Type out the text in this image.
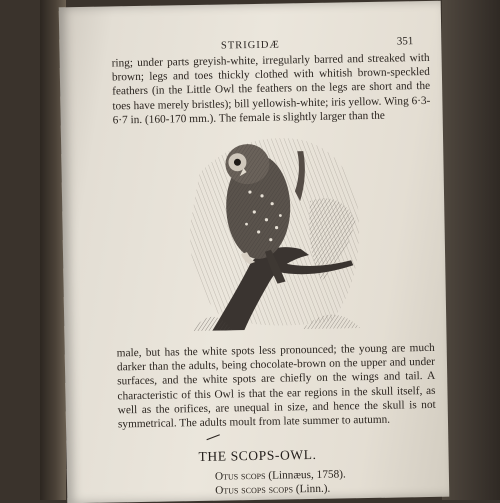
STRIGIDÆ	351

ring; under parts greyish-white, irregularly barred and streaked with brown; legs and toes thickly clothed with whitish brown-speckled feathers (in the Little Owl the feathers on the legs are short and the toes have merely bristles); bill yellowish-white; iris yellow. Wing 6·3-6·7 in. (160-170 mm.). The female is slightly larger than the

male, but has the white spots less pronounced; the young are much darker than the adults, being chocolate-brown on the upper and under surfaces, and the white spots are chiefly on the wings and tail. A characteristic of this Owl is that the ear regions in the skull itself, as well as the orifices, are unequal in size, and hence the skull is not symmetrical. The adults moult from late summer to autumn.

THE SCOPS-OWL.
Otus scops (Linnæus, 1758).
Otus scops scops (Linn.).
